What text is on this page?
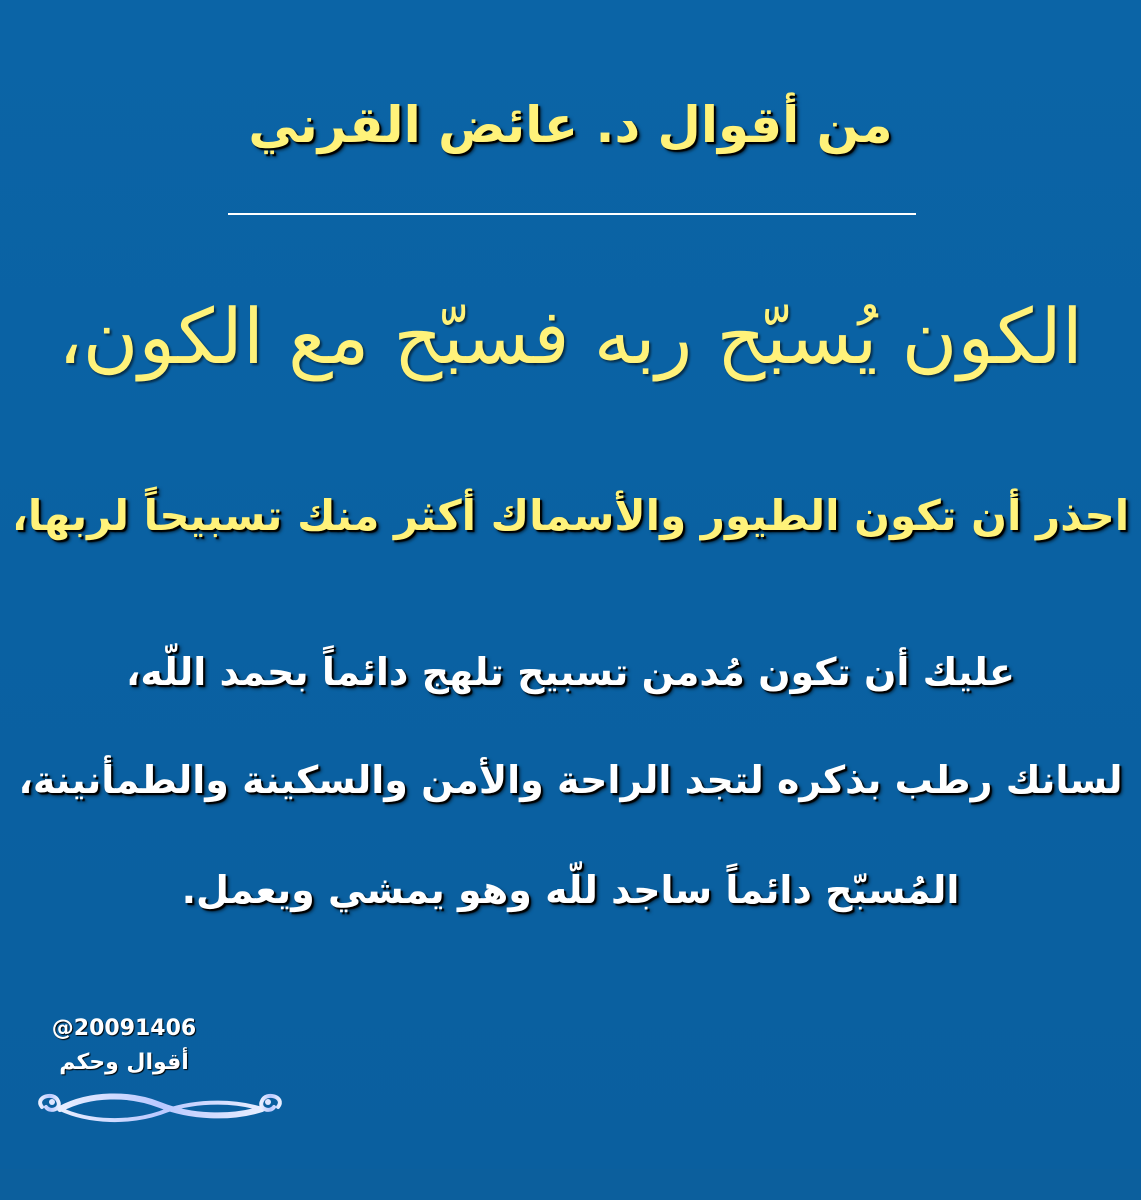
من أقوال د. عائض القرني
الكون يُسبّح ربه فسبّح مع الكون،
احذر أن تكون الطيور والأسماك أكثر منك تسبيحاً لربها،
عليك أن تكون مُدمن تسبيح تلهج دائماً بحمد اللّه،
لسانك رطب بذكره لتجد الراحة والأمن والسكينة والطمأنينة،
المُسبّح دائماً ساجد للّه وهو يمشي ويعمل.
@20091406
أقوال وحكم
